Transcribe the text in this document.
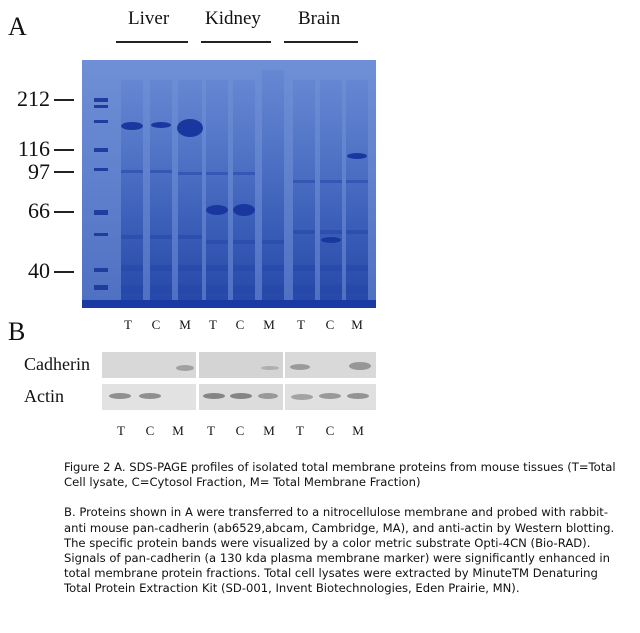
A	Liver Kidney Brain
212
116
97
66
40
T	C	M	T	C	M	T	C	M
B
Cadherin
Actin
T	C	M	T	C	M	T	C	M

Figure 2 A. SDS-PAGE profiles of isolated total membrane proteins from mouse tissues (T=Total Cell lysate, C=Cytosol Fraction, M= Total Membrane Fraction)

B. Proteins shown in A were transferred to a nitrocellulose membrane and probed with rabbit-anti mouse pan-cadherin (ab6529,abcam, Cambridge, MA), and anti-actin by Western blotting. The specific protein bands were visualized by a color metric substrate Opti-4CN (Bio-RAD). Signals of pan-cadherin (a 130 kda plasma membrane marker) were significantly enhanced in total membrane protein fractions. Total cell lysates were extracted by MinuteTM Denaturing Total Protein Extraction Kit (SD-001, Invent Biotechnologies, Eden Prairie, MN).
